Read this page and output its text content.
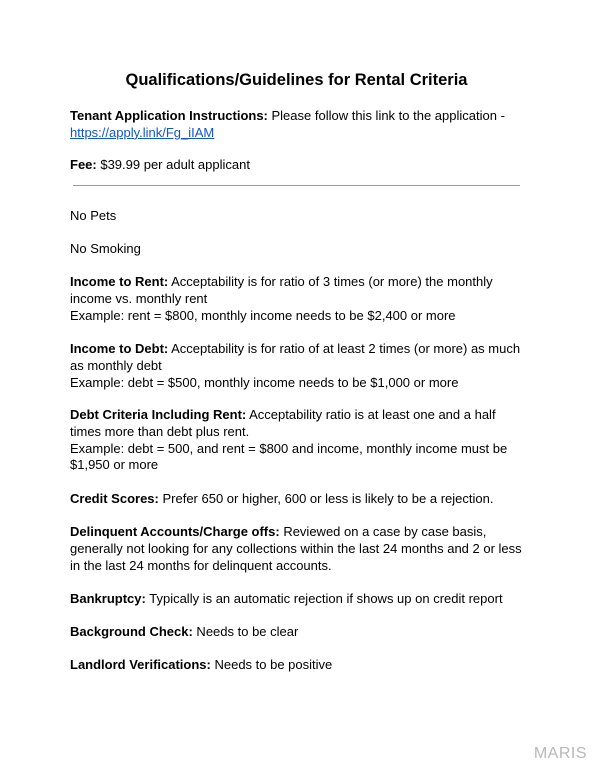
Qualifications/Guidelines for Rental Criteria
Tenant Application Instructions: Please follow this link to the application -
https://apply.link/Fg_iIAM
Fee: $39.99 per adult applicant
No Pets
No Smoking
Income to Rent: Acceptability is for ratio of 3 times (or more) the monthly income vs. monthly rent
Example: rent = $800, monthly income needs to be $2,400 or more
Income to Debt: Acceptability is for ratio of at least 2 times (or more) as much as monthly debt
Example: debt = $500, monthly income needs to be $1,000 or more
Debt Criteria Including Rent: Acceptability ratio is at least one and a half times more than debt plus rent.
Example: debt = 500, and rent = $800 and income, monthly income must be $1,950 or more
Credit Scores: Prefer 650 or higher, 600 or less is likely to be a rejection.
Delinquent Accounts/Charge offs: Reviewed on a case by case basis, generally not looking for any collections within the last 24 months and 2 or less in the last 24 months for delinquent accounts.
Bankruptcy: Typically is an automatic rejection if shows up on credit report
Background Check: Needs to be clear
Landlord Verifications: Needs to be positive
MARIS
